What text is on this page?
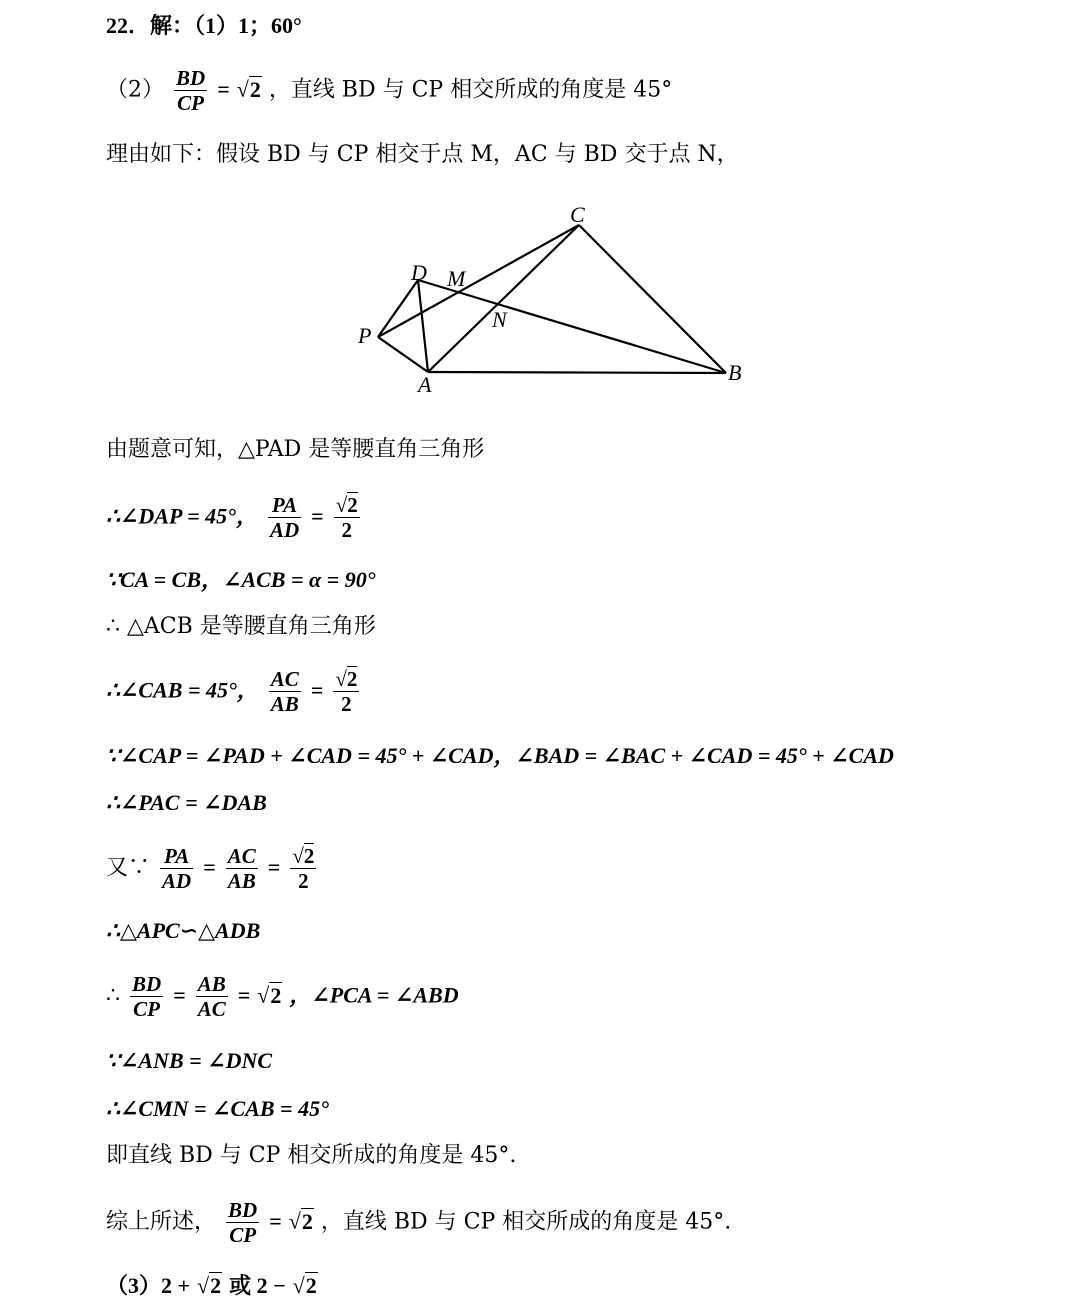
22．解：（1）1；60°
$(2) \frac{BD}{CP} = √2$ ，直线 BD 与 CP 相交所成的角度是 45°
理由如下：假设 BD 与 CP 相交于点 M，AC 与 BD 交于点 N，
C
D M
N
P
A	B
由题意可知，△PAD 是等腰直角三角形
∴∠DAP = 45°， $\frac{PA}{AD} = \frac{√2}{2}$
∵CA = CB，∠ACB = α = 90°
∴ △ACB 是等腰直角三角形
∴∠CAB = 45°， $\frac{AC}{AB} = \frac{√2}{2}$
∵∠CAP = ∠PAD + ∠CAD = 45° + ∠CAD，∠BAD = ∠BAC + ∠CAD = 45° + ∠CAD
∴∠PAC = ∠DAB
又∵ $\frac{PA}{AD} = \frac{AC}{AB} = \frac{√2}{2}$
∴△APC∽△ADB
∴ $\frac{BD}{CP} = \frac{AB}{AC} = √2$ ，∠PCA = ∠ABD
∵∠ANB = ∠DNC
∴∠CMN = ∠CAB = 45°
即直线 BD 与 CP 相交所成的角度是 45°.
综上所述， $\frac{BD}{CP} = √2$ ，直线 BD 与 CP 相交所成的角度是 45°.
（3）2 + √2 或 2 − √2
